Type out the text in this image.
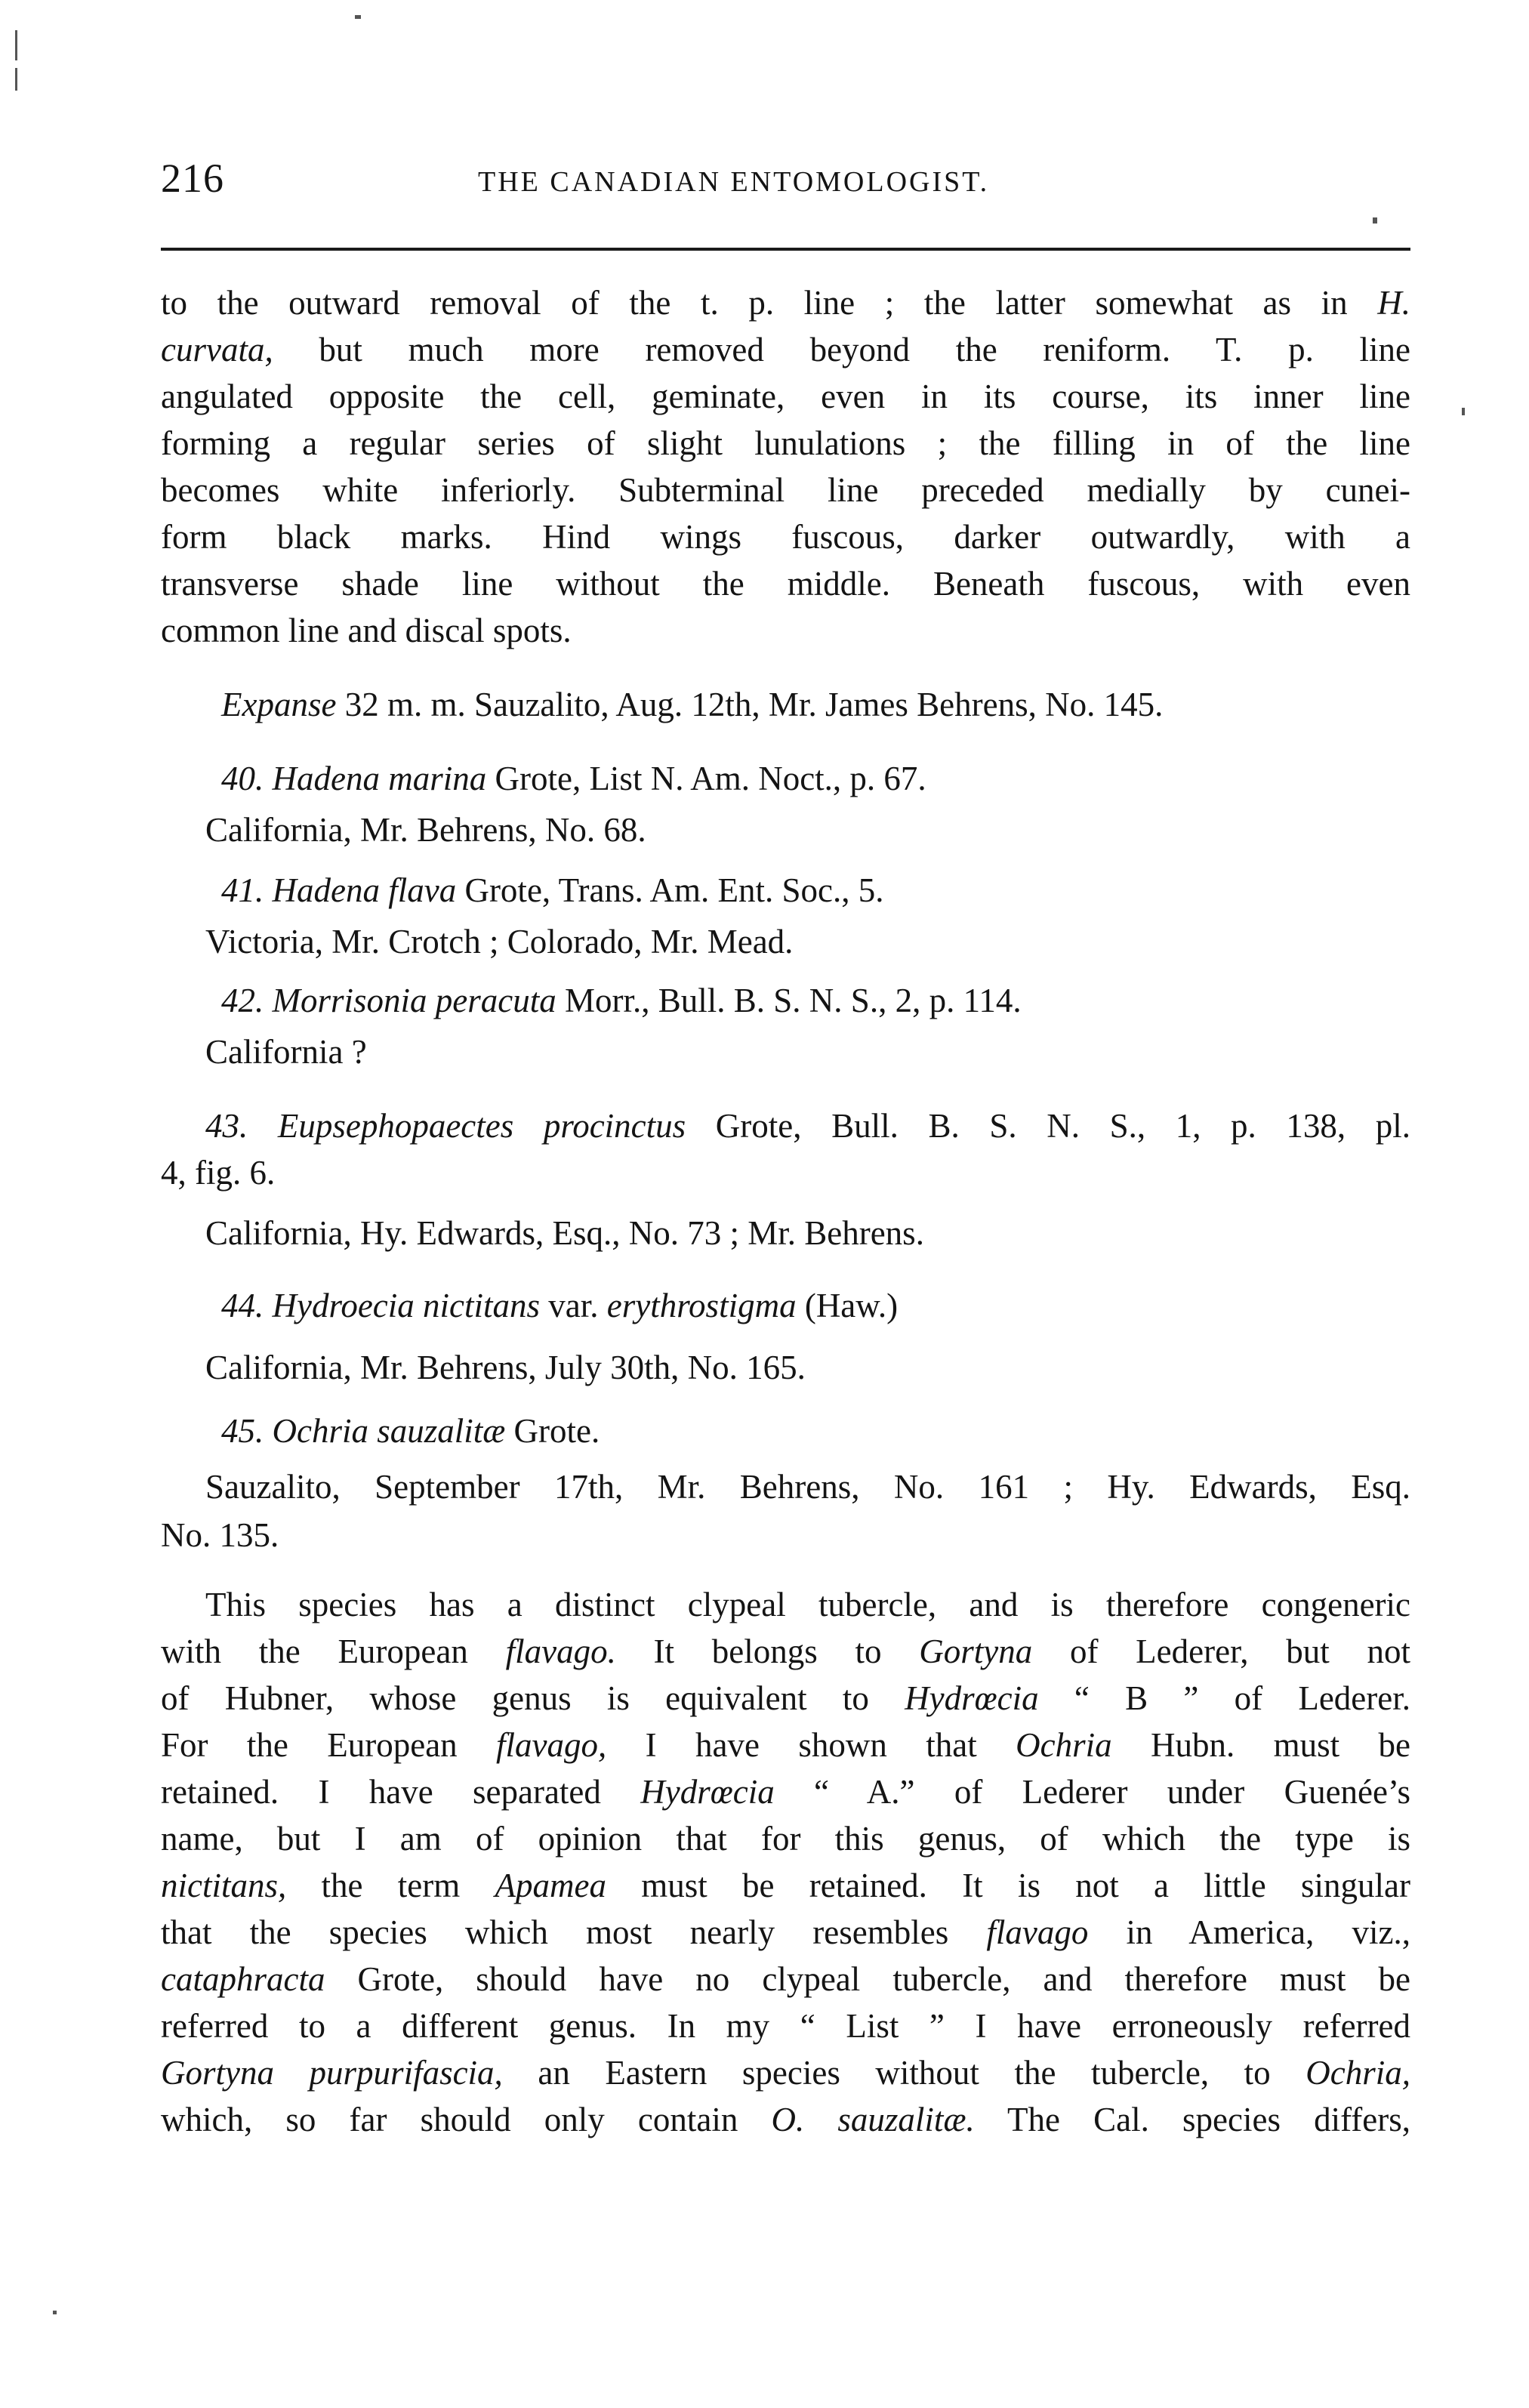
216	THE CANADIAN ENTOMOLOGIST.
to the outward removal of the t. p. line ; the latter somewhat as in H.
curvata, but much more removed beyond the reniform. T. p. line
angulated opposite the cell, geminate, even in its course, its inner line
forming a regular series of slight lunulations ; the filling in of the line
becomes white inferiorly. Subterminal line preceded medially by cunei-
form black marks. Hind wings fuscous, darker outwardly, with a
transverse shade line without the middle. Beneath fuscous, with even
common line and discal spots.
Expanse 32 m. m. Sauzalito, Aug. 12th, Mr. James Behrens, No. 145.
40. Hadena marina Grote, List N. Am. Noct., p. 67.
California, Mr. Behrens, No. 68.
41. Hadena flava Grote, Trans. Am. Ent. Soc., 5.
Victoria, Mr. Crotch ; Colorado, Mr. Mead.
42. Morrisonia peracuta Morr., Bull. B. S. N. S., 2, p. 114.
California ?
43. Eupsephopaectes procinctus Grote, Bull. B. S. N. S., 1, p. 138, pl.
4, fig. 6.
California, Hy. Edwards, Esq., No. 73 ; Mr. Behrens.
44. Hydroecia nictitans var. erythrostigma (Haw.)
California, Mr. Behrens, July 30th, No. 165.
45. Ochria sauzalitæ Grote.
Sauzalito, September 17th, Mr. Behrens, No. 161 ; Hy. Edwards, Esq.
No. 135.
This species has a distinct clypeal tubercle, and is therefore congeneric
with the European flavago. It belongs to Gortyna of Lederer, but not
of Hubner, whose genus is equivalent to Hydrœcia “ B ” of Lederer.
For the European flavago, I have shown that Ochria Hubn. must be
retained. I have separated Hydrœcia “ A.” of Lederer under Guenée’s
name, but I am of opinion that for this genus, of which the type is
nictitans, the term Apamea must be retained. It is not a little singular
that the species which most nearly resembles flavago in America, viz.,
cataphracta Grote, should have no clypeal tubercle, and therefore must be
referred to a different genus. In my “ List ” I have erroneously referred
Gortyna purpurifascia, an Eastern species without the tubercle, to Ochria,
which, so far should only contain O. sauzalitæ. The Cal. species differs,
